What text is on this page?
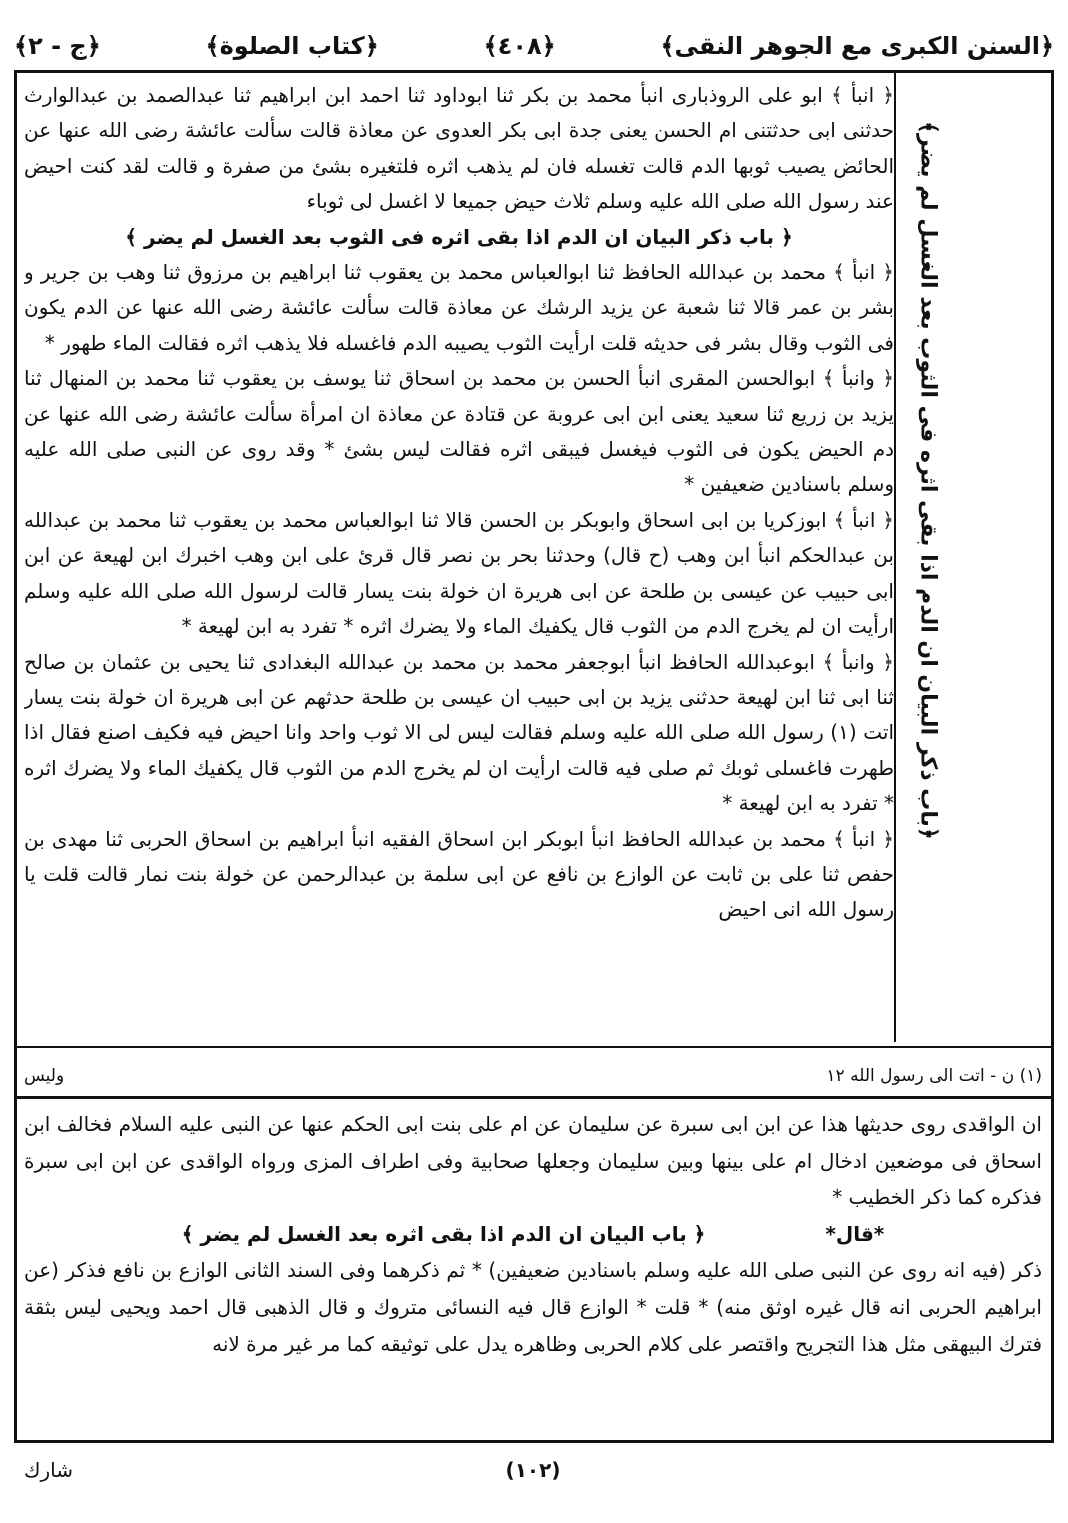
﴿السنن الكبرى مع الجوهر النقى﴾
﴿٤٠٨﴾
﴿كتاب الصلوة﴾
﴿ج - ٢﴾
﴿باب ذكر البيان ان الدم اذا بقى اثره فى الثوب بعد الغسل لم يضر﴾

﴿ انبأ ﴾ ابو على الروذبارى انبأ محمد بن بكر ثنا ابوداود ثنا احمد ابن ابراهيم ثنا عبدالصمد بن عبدالوارث حدثنى ابى حدثتنى ام الحسن يعنى جدة ابى بكر العدوى عن معاذة قالت سألت عائشة رضى الله عنها عن الحائض يصيب ثوبها الدم قالت تغسله فان لم يذهب اثره فلتغيره بشئ من صفرة و قالت لقد كنت احيض عند رسول الله صلى الله عليه وسلم ثلاث حيض جميعا لا اغسل لى ثوباء

﴿ باب ذكر البيان ان الدم اذا بقى اثره فى الثوب بعد الغسل لم يضر ﴾

﴿ انبأ ﴾ محمد بن عبدالله الحافظ ثنا ابوالعباس محمد بن يعقوب ثنا ابراهيم بن مرزوق ثنا وهب بن جرير و بشر بن عمر قالا ثنا شعبة عن يزيد الرشك عن معاذة قالت سألت عائشة رضى الله عنها عن الدم يكون فى الثوب وقال بشر فى حديثه قلت ارأيت الثوب يصيبه الدم فاغسله فلا يذهب اثره فقالت الماء طهور *

﴿ وانبأ ﴾ ابوالحسن المقرى انبأ الحسن بن محمد بن اسحاق ثنا يوسف بن يعقوب ثنا محمد بن المنهال ثنا يزيد بن زريع ثنا سعيد يعنى ابن ابى عروبة عن قتادة عن معاذة ان امرأة سألت عائشة رضى الله عنها عن دم الحيض يكون فى الثوب فيغسل فيبقى اثره فقالت ليس بشئ * وقد روى عن النبى صلى الله عليه وسلم باسنادين ضعيفين *

﴿ انبأ ﴾ ابوزكريا بن ابى اسحاق وابوبكر بن الحسن قالا ثنا ابوالعباس محمد بن يعقوب ثنا محمد بن عبدالله بن عبدالحكم انبأ ابن وهب (ح قال) وحدثنا بحر بن نصر قال قرئ على ابن وهب اخبرك ابن لهيعة عن ابن ابى حبيب عن عيسى بن طلحة عن ابى هريرة ان خولة بنت يسار قالت لرسول الله صلى الله عليه وسلم ارأيت ان لم يخرج الدم من الثوب قال يكفيك الماء ولا يضرك اثره * تفرد به ابن لهيعة *

﴿ وانبأ ﴾ ابوعبدالله الحافظ انبأ ابوجعفر محمد بن محمد بن عبدالله البغدادى ثنا يحيى بن عثمان بن صالح ثنا ابى ثنا ابن لهيعة حدثنى يزيد بن ابى حبيب ان عيسى بن طلحة حدثهم عن ابى هريرة ان خولة بنت يسار اتت (١) رسول الله صلى الله عليه وسلم فقالت ليس لى الا ثوب واحد وانا احيض فيه فكيف اصنع فقال اذا طهرت فاغسلى ثوبك ثم صلى فيه قالت ارأيت ان لم يخرج الدم من الثوب قال يكفيك الماء ولا يضرك اثره * تفرد به ابن لهيعة *

﴿ انبأ ﴾ محمد بن عبدالله الحافظ انبأ ابوبكر ابن اسحاق الفقيه انبأ ابراهيم بن اسحاق الحربى ثنا مهدى بن حفص ثنا على بن ثابت عن الوازع بن نافع عن ابى سلمة بن عبدالرحمن عن خولة بنت نمار قالت قلت يا رسول الله انى احيض

(١) ن - اتت الى رسول الله ١٢
وليس

ان الواقدى روى حديثها هذا عن ابن ابى سبرة عن سليمان عن ام على بنت ابى الحكم عنها عن النبى عليه السلام فخالف ابن اسحاق فى موضعين ادخال ام على بينها وبين سليمان وجعلها صحابية وفى اطراف المزى ورواه الواقدى عن ابن ابى سبرة فذكره كما ذكر الخطيب *

*قال*
﴿ باب البيان ان الدم اذا بقى اثره بعد الغسل لم يضر ﴾

ذكر (فيه انه روى عن النبى صلى الله عليه وسلم باسنادين ضعيفين) * ثم ذكرهما وفى السند الثانى الوازع بن نافع فذكر (عن ابراهيم الحربى انه قال غيره اوثق منه) * قلت * الوازع قال فيه النسائى متروك و قال الذهبى قال احمد ويحيى ليس بثقة فترك البيهقى مثل هذا التجريح واقتصر على كلام الحربى وظاهره يدل على توثيقه كما مر غير مرة لانه

شارك	(١٠٢)
